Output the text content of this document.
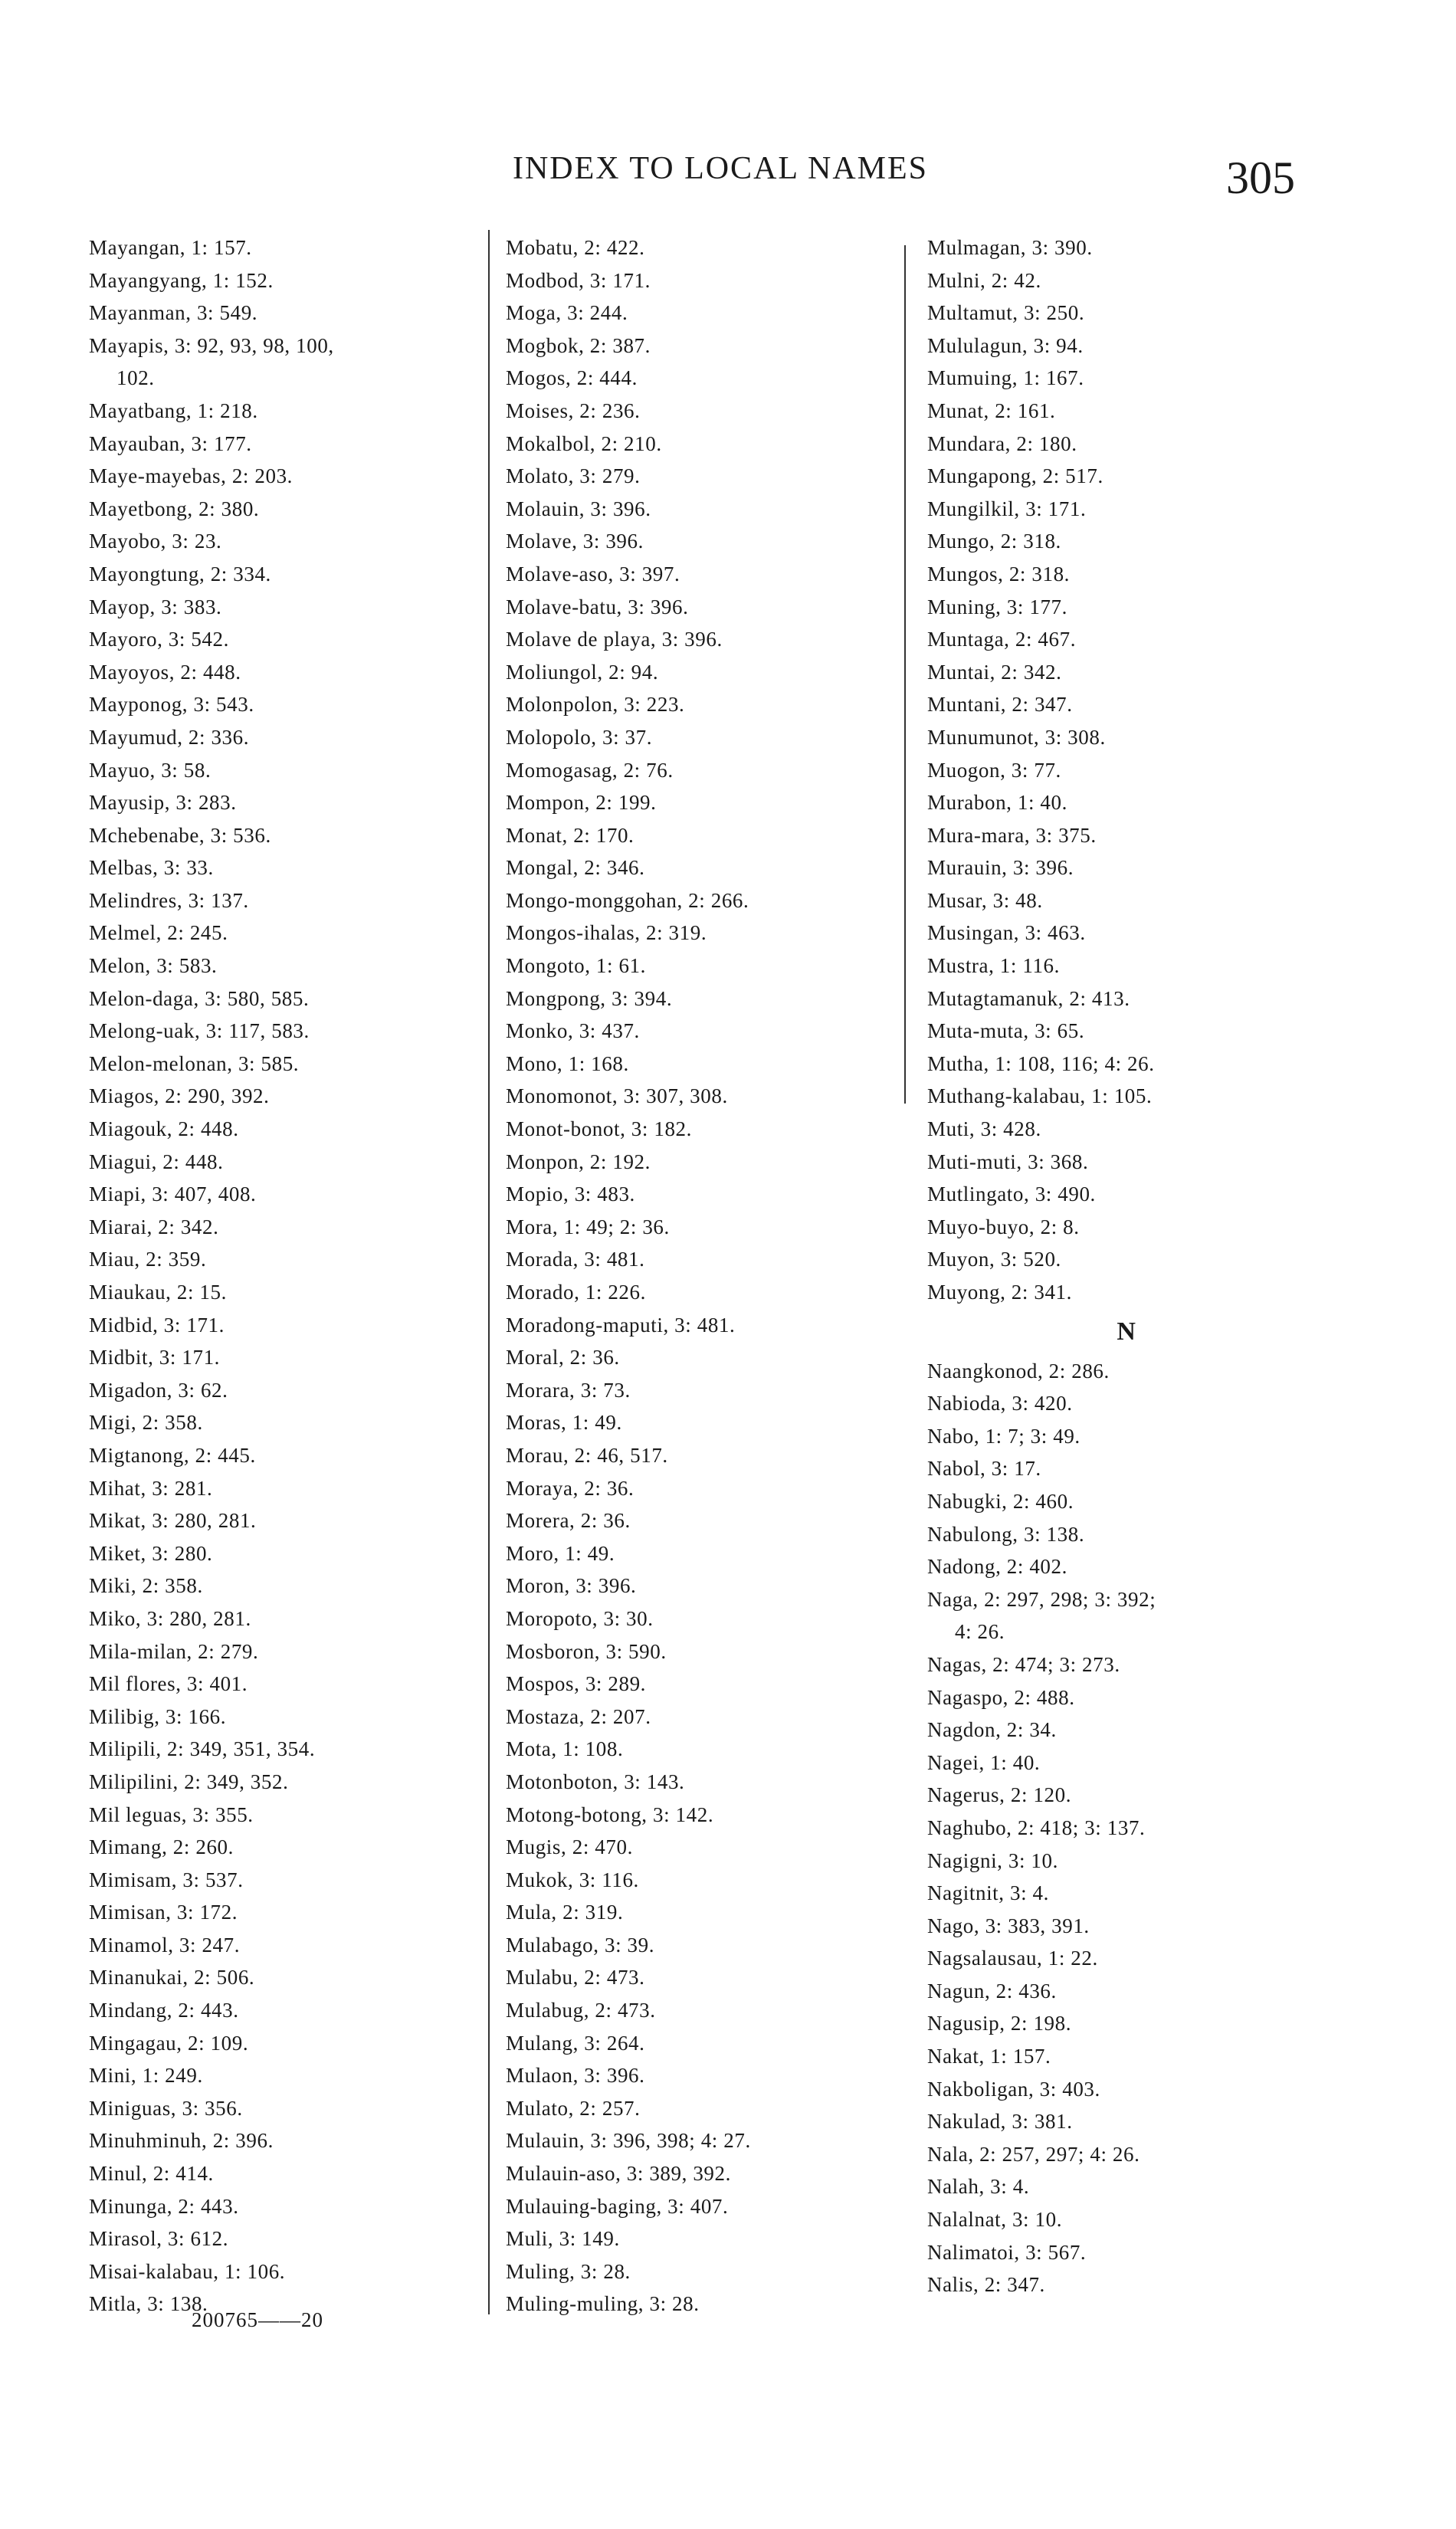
INDEX TO LOCAL NAMES	305
Mayangan, 1: 157.
Mayangyang, 1: 152.
Mayanman, 3: 549.
Mayapis, 3: 92, 93, 98, 100,
102.
Mayatbang, 1: 218.
Mayauban, 3: 177.
Maye-mayebas, 2: 203.
Mayetbong, 2: 380.
Mayobo, 3: 23.
Mayongtung, 2: 334.
Mayop, 3: 383.
Mayoro, 3: 542.
Mayoyos, 2: 448.
Mayponog, 3: 543.
Mayumud, 2: 336.
Mayuo, 3: 58.
Mayusip, 3: 283.
Mchebenabe, 3: 536.
Melbas, 3: 33.
Melindres, 3: 137.
Melmel, 2: 245.
Melon, 3: 583.
Melon-daga, 3: 580, 585.
Melong-uak, 3: 117, 583.
Melon-melonan, 3: 585.
Miagos, 2: 290, 392.
Miagouk, 2: 448.
Miagui, 2: 448.
Miapi, 3: 407, 408.
Miarai, 2: 342.
Miau, 2: 359.
Miaukau, 2: 15.
Midbid, 3: 171.
Midbit, 3: 171.
Migadon, 3: 62.
Migi, 2: 358.
Migtanong, 2: 445.
Mihat, 3: 281.
Mikat, 3: 280, 281.
Miket, 3: 280.
Miki, 2: 358.
Miko, 3: 280, 281.
Mila-milan, 2: 279.
Mil flores, 3: 401.
Milibig, 3: 166.
Milipili, 2: 349, 351, 354.
Milipilini, 2: 349, 352.
Mil leguas, 3: 355.
Mimang, 2: 260.
Mimisam, 3: 537.
Mimisan, 3: 172.
Minamol, 3: 247.
Minanukai, 2: 506.
Mindang, 2: 443.
Mingagau, 2: 109.
Mini, 1: 249.
Miniguas, 3: 356.
Minuhminuh, 2: 396.
Minul, 2: 414.
Minunga, 2: 443.
Mirasol, 3: 612.
Misai-kalabau, 1: 106.
Mitla, 3: 138.
Mobatu, 2: 422.
Modbod, 3: 171.
Moga, 3: 244.
Mogbok, 2: 387.
Mogos, 2: 444.
Moises, 2: 236.
Mokalbol, 2: 210.
Molato, 3: 279.
Molauin, 3: 396.
Molave, 3: 396.
Molave-aso, 3: 397.
Molave-batu, 3: 396.
Molave de playa, 3: 396.
Moliungol, 2: 94.
Molonpolon, 3: 223.
Molopolo, 3: 37.
Momogasag, 2: 76.
Mompon, 2: 199.
Monat, 2: 170.
Mongal, 2: 346.
Mongo-monggohan, 2: 266.
Mongos-ihalas, 2: 319.
Mongoto, 1: 61.
Mongpong, 3: 394.
Monko, 3: 437.
Mono, 1: 168.
Monomonot, 3: 307, 308.
Monot-bonot, 3: 182.
Monpon, 2: 192.
Mopio, 3: 483.
Mora, 1: 49; 2: 36.
Morada, 3: 481.
Morado, 1: 226.
Moradong-maputi, 3: 481.
Moral, 2: 36.
Morara, 3: 73.
Moras, 1: 49.
Morau, 2: 46, 517.
Moraya, 2: 36.
Morera, 2: 36.
Moro, 1: 49.
Moron, 3: 396.
Moropoto, 3: 30.
Mosboron, 3: 590.
Mospos, 3: 289.
Mostaza, 2: 207.
Mota, 1: 108.
Motonboton, 3: 143.
Motong-botong, 3: 142.
Mugis, 2: 470.
Mukok, 3: 116.
Mula, 2: 319.
Mulabago, 3: 39.
Mulabu, 2: 473.
Mulabug, 2: 473.
Mulang, 3: 264.
Mulaon, 3: 396.
Mulato, 2: 257.
Mulauin, 3: 396, 398; 4: 27.
Mulauin-aso, 3: 389, 392.
Mulauing-baging, 3: 407.
Muli, 3: 149.
Muling, 3: 28.
Muling-muling, 3: 28.
Mulmagan, 3: 390.
Mulni, 2: 42.
Multamut, 3: 250.
Mululagun, 3: 94.
Mumuing, 1: 167.
Munat, 2: 161.
Mundara, 2: 180.
Mungapong, 2: 517.
Mungilkil, 3: 171.
Mungo, 2: 318.
Mungos, 2: 318.
Muning, 3: 177.
Muntaga, 2: 467.
Muntai, 2: 342.
Muntani, 2: 347.
Munumunot, 3: 308.
Muogon, 3: 77.
Murabon, 1: 40.
Mura-mara, 3: 375.
Murauin, 3: 396.
Musar, 3: 48.
Musingan, 3: 463.
Mustra, 1: 116.
Mutagtamanuk, 2: 413.
Muta-muta, 3: 65.
Mutha, 1: 108, 116; 4: 26.
Muthang-kalabau, 1: 105.
Muti, 3: 428.
Muti-muti, 3: 368.
Mutlingato, 3: 490.
Muyo-buyo, 2: 8.
Muyon, 3: 520.
Muyong, 2: 341.
N
Naangkonod, 2: 286.
Nabioda, 3: 420.
Nabo, 1: 7; 3: 49.
Nabol, 3: 17.
Nabugki, 2: 460.
Nabulong, 3: 138.
Nadong, 2: 402.
Naga, 2: 297, 298; 3: 392;
4: 26.
Nagas, 2: 474; 3: 273.
Nagaspo, 2: 488.
Nagdon, 2: 34.
Nagei, 1: 40.
Nagerus, 2: 120.
Naghubo, 2: 418; 3: 137.
Nagigni, 3: 10.
Nagitnit, 3: 4.
Nago, 3: 383, 391.
Nagsalausau, 1: 22.
Nagun, 2: 436.
Nagusip, 2: 198.
Nakat, 1: 157.
Nakboligan, 3: 403.
Nakulad, 3: 381.
Nala, 2: 257, 297; 4: 26.
Nalah, 3: 4.
Nalalnat, 3: 10.
Nalimatoi, 3: 567.
Nalis, 2: 347.
200765——20
